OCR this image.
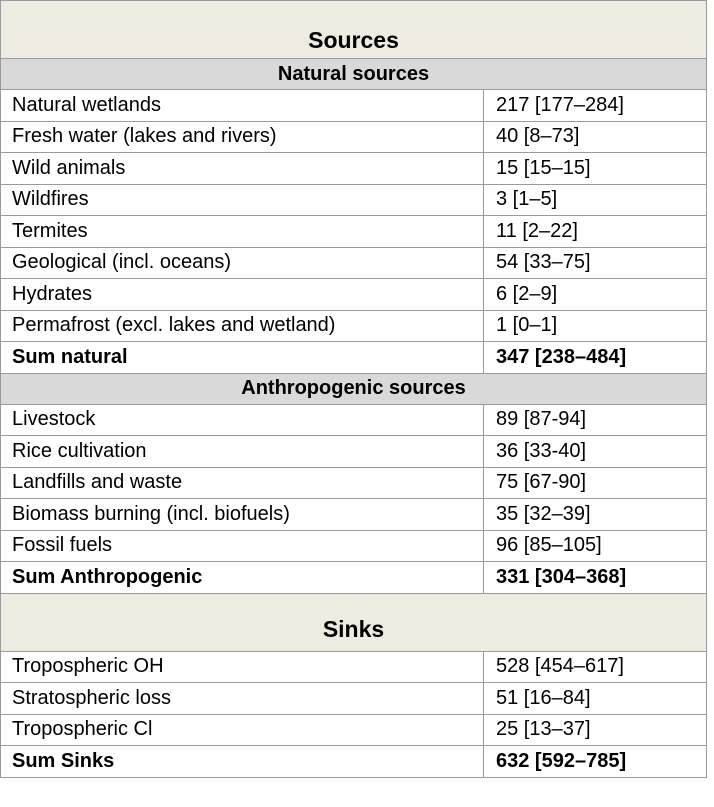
Sources
Natural sources
Natural wetlands	217 [177–284]
Fresh water (lakes and rivers)	40 [8–73]
Wild animals	15 [15–15]
Wildfires	3 [1–5]
Termites	11 [2–22]
Geological (incl. oceans)	54 [33–75]
Hydrates	6 [2–9]
Permafrost (excl. lakes and wetland)	1 [0–1]
Sum natural	347 [238–484]
Anthropogenic sources
Livestock	89 [87-94]
Rice cultivation	36 [33-40]
Landfills and waste	75 [67-90]
Biomass burning (incl. biofuels)	35 [32–39]
Fossil fuels	96 [85–105]
Sum Anthropogenic	331 [304–368]
Sinks
Tropospheric OH	528 [454–617]
Stratospheric loss	51 [16–84]
Tropospheric Cl	25 [13–37]
Sum Sinks	632 [592–785]
